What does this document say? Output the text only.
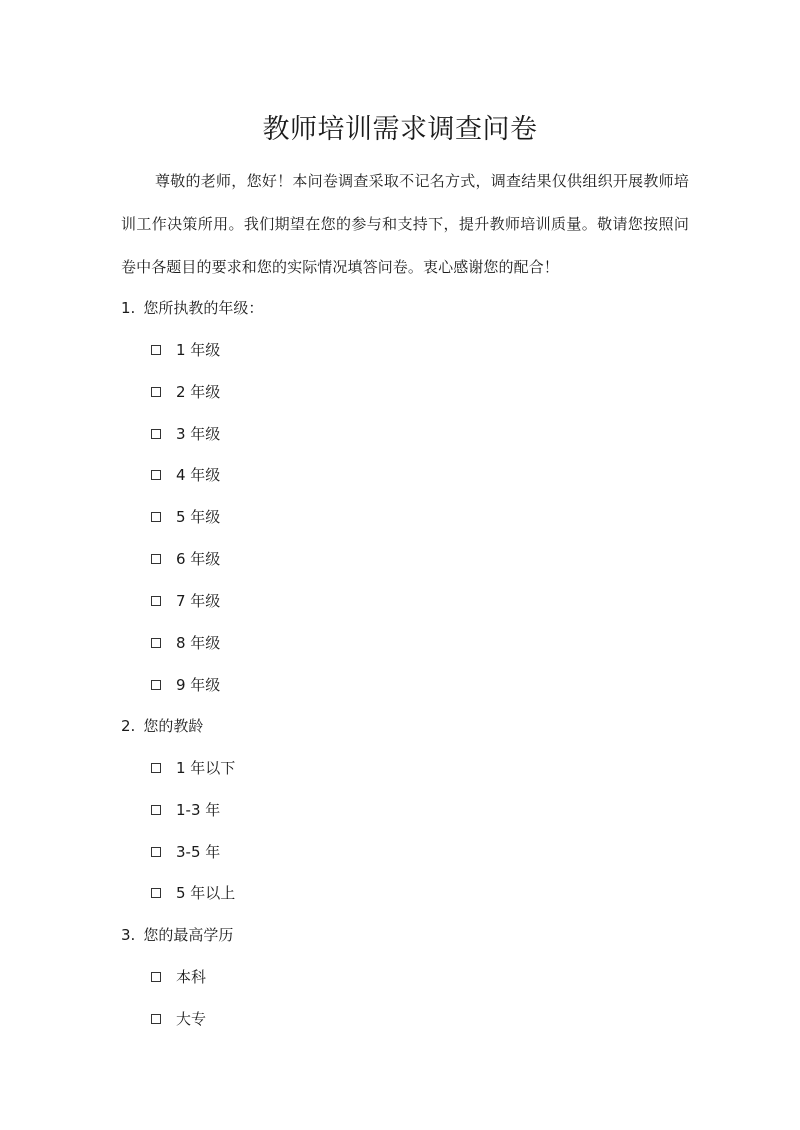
教师培训需求调查问卷
尊敬的老师，您好！本问卷调查采取不记名方式，调查结果仅供组织开展教师培训工作决策所用。我们期望在您的参与和支持下，提升教师培训质量。敬请您按照问卷中各题目的要求和您的实际情况填答问卷。衷心感谢您的配合！
1. 您所执教的年级：
1 年级
2 年级
3 年级
4 年级
5 年级
6 年级
7 年级
8 年级
9 年级
2. 您的教龄
1 年以下
1-3 年
3-5 年
5 年以上
3. 您的最高学历
本科
大专
